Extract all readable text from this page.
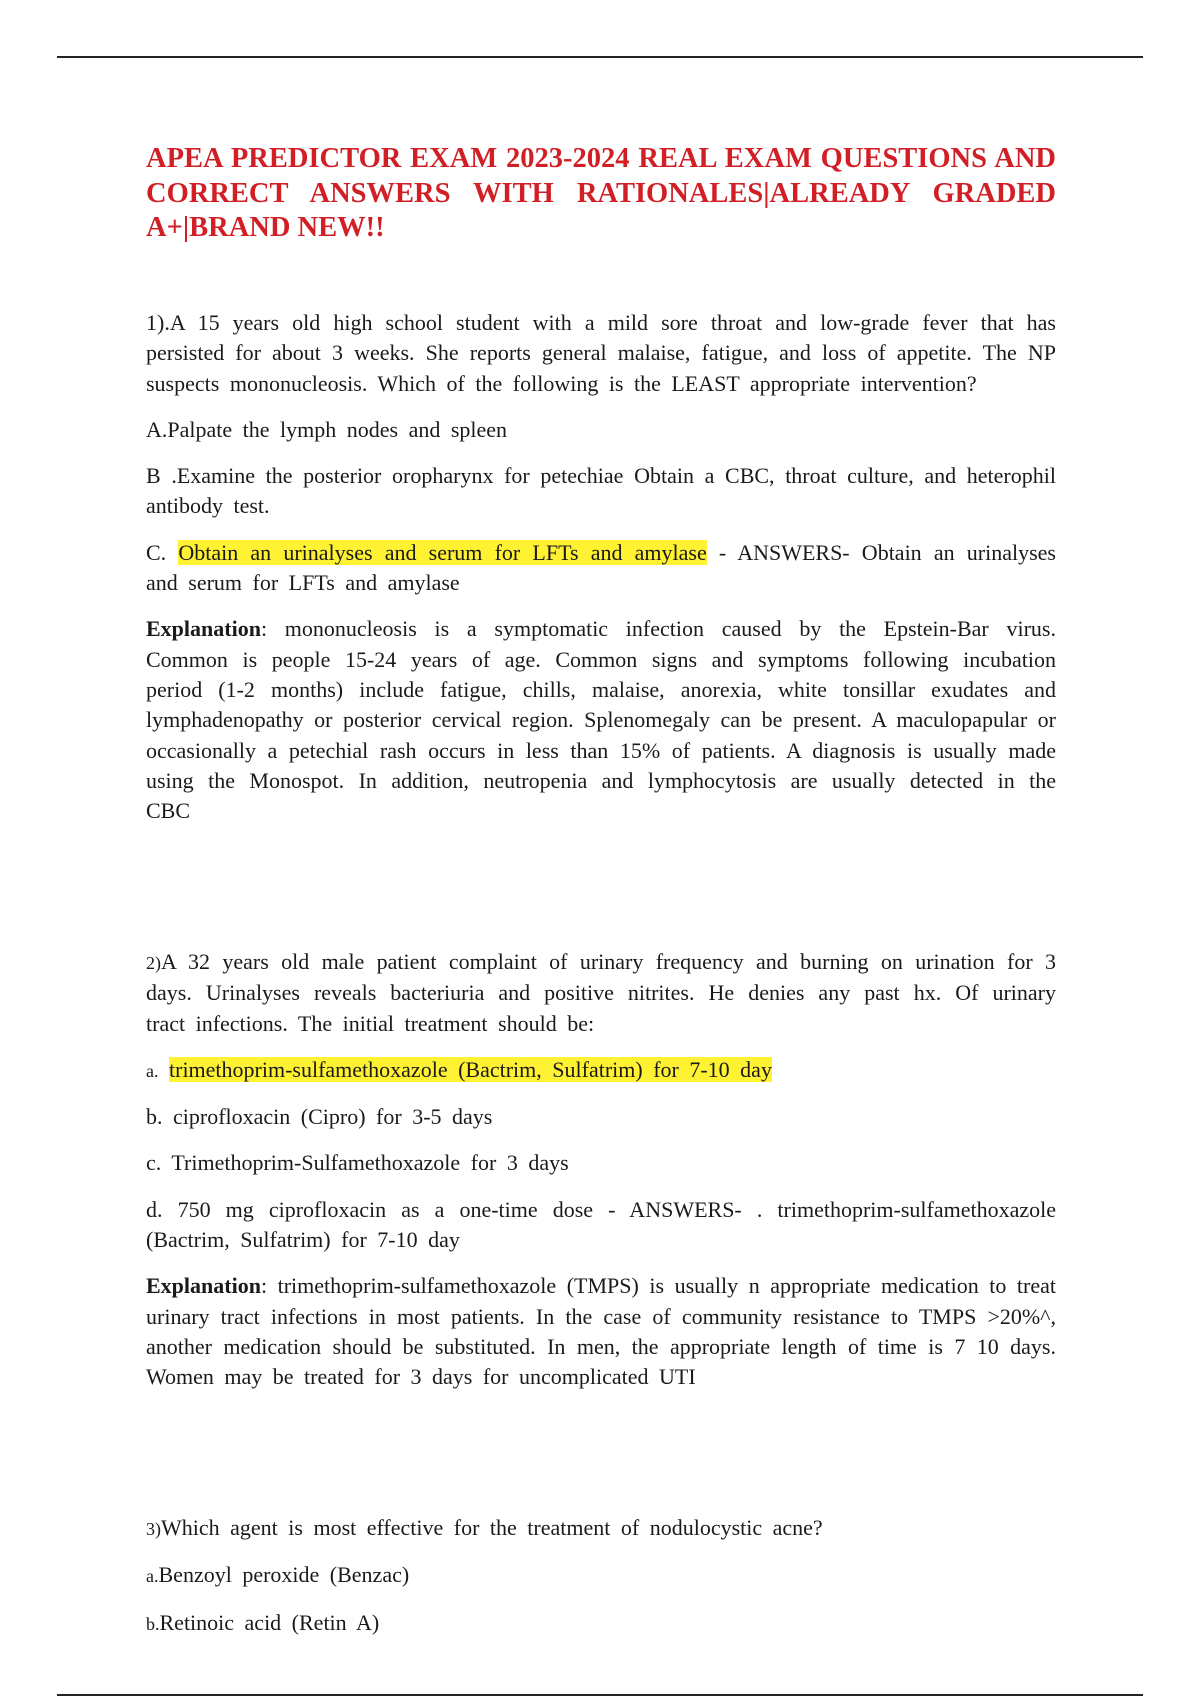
APEA PREDICTOR EXAM 2023-2024 REAL EXAM QUESTIONS AND CORRECT ANSWERS WITH RATIONALES|ALREADY GRADED A+|BRAND NEW!!

1).A 15 years old high school student with a mild sore throat and low-grade fever that has persisted for about 3 weeks. She reports general malaise, fatigue, and loss of appetite. The NP suspects mononucleosis. Which of the following is the LEAST appropriate intervention?

A.Palpate the lymph nodes and spleen

B .Examine the posterior oropharynx for petechiae Obtain a CBC, throat culture, and heterophil antibody test.

C. Obtain an urinalyses and serum for LFTs and amylase - ANSWERS- Obtain an urinalyses and serum for LFTs and amylase

Explanation: mononucleosis is a symptomatic infection caused by the Epstein-Bar virus. Common is people 15-24 years of age. Common signs and symptoms following incubation period (1-2 months) include fatigue, chills, malaise, anorexia, white tonsillar exudates and lymphadenopathy or posterior cervical region. Splenomegaly can be present. A maculopapular or occasionally a petechial rash occurs in less than 15% of patients. A diagnosis is usually made using the Monospot. In addition, neutropenia and lymphocytosis are usually detected in the CBC

2)A 32 years old male patient complaint of urinary frequency and burning on urination for 3 days. Urinalyses reveals bacteriuria and positive nitrites. He denies any past hx. Of urinary tract infections. The initial treatment should be:

a. trimethoprim-sulfamethoxazole (Bactrim, Sulfatrim) for 7-10 day

b. ciprofloxacin (Cipro) for 3-5 days

c. Trimethoprim-Sulfamethoxazole for 3 days

d. 750 mg ciprofloxacin as a one-time dose - ANSWERS- . trimethoprim-sulfamethoxazole (Bactrim, Sulfatrim) for 7-10 day

Explanation: trimethoprim-sulfamethoxazole (TMPS) is usually n appropriate medication to treat urinary tract infections in most patients. In the case of community resistance to TMPS >20%^, another medication should be substituted. In men, the appropriate length of time is 7 10 days. Women may be treated for 3 days for uncomplicated UTI

3)Which agent is most effective for the treatment of nodulocystic acne?

a.Benzoyl peroxide (Benzac)

b.Retinoic acid (Retin A)
